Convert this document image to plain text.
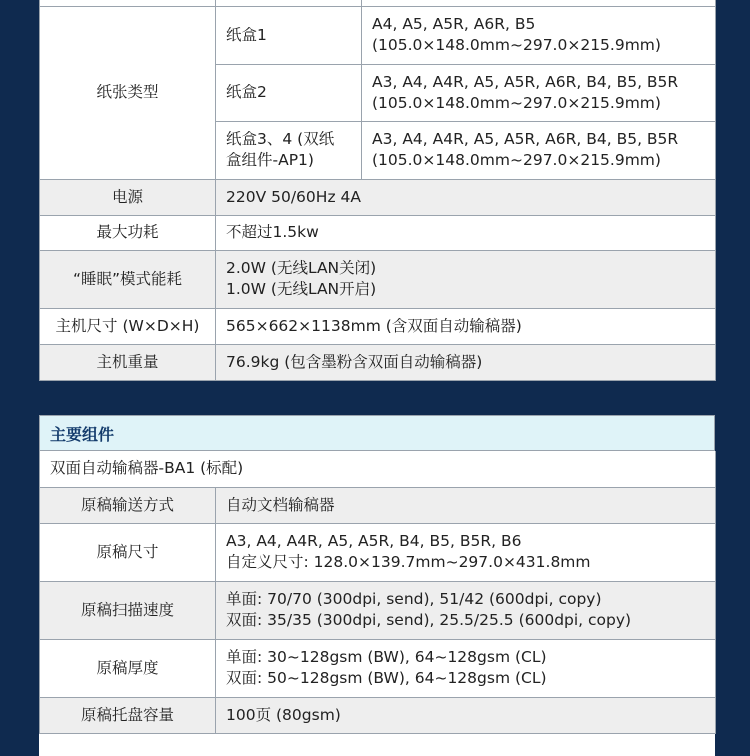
纸张类型	纸盒1	A4, A5, A5R, A6R, B5
(105.0×148.0mm~297.0×215.9mm)

	纸盒2	A3, A4, A4R, A5, A5R, A6R, B4, B5, B5R
(105.0×148.0mm~297.0×215.9mm)

	纸盒3、4 (双纸
盒组件-AP1)	A3, A4, A4R, A5, A5R, A6R, B4, B5, B5R
(105.0×148.0mm~297.0×215.9mm)

电源	220V 50/60Hz 4A	
最大功耗	不超过1.5kw	
“睡眠”模式能耗	2.0W (无线LAN关闭)
1.0W (无线LAN开启)	

主机尺寸 (W×D×H)	565×662×1138mm (含双面自动输稿器)	
主机重量	76.9kg (包含墨粉含双面自动输稿器)	
主要组件
双面自动输稿器-BA1 (标配)	
原稿输送方式	自动文档输稿器
原稿尺寸	A3, A4, A4R, A5, A5R, B4, B5, B5R, B6
自定义尺寸: 128.0×139.7mm~297.0×431.8mm

原稿扫描速度	单面: 70/70 (300dpi, send), 51/42 (600dpi, copy)
双面: 35/35 (300dpi, send), 25.5/25.5 (600dpi, copy)

原稿厚度	单面: 30~128gsm (BW), 64~128gsm (CL)
双面: 50~128gsm (BW), 64~128gsm (CL)

原稿托盘容量	100页 (80gsm)
